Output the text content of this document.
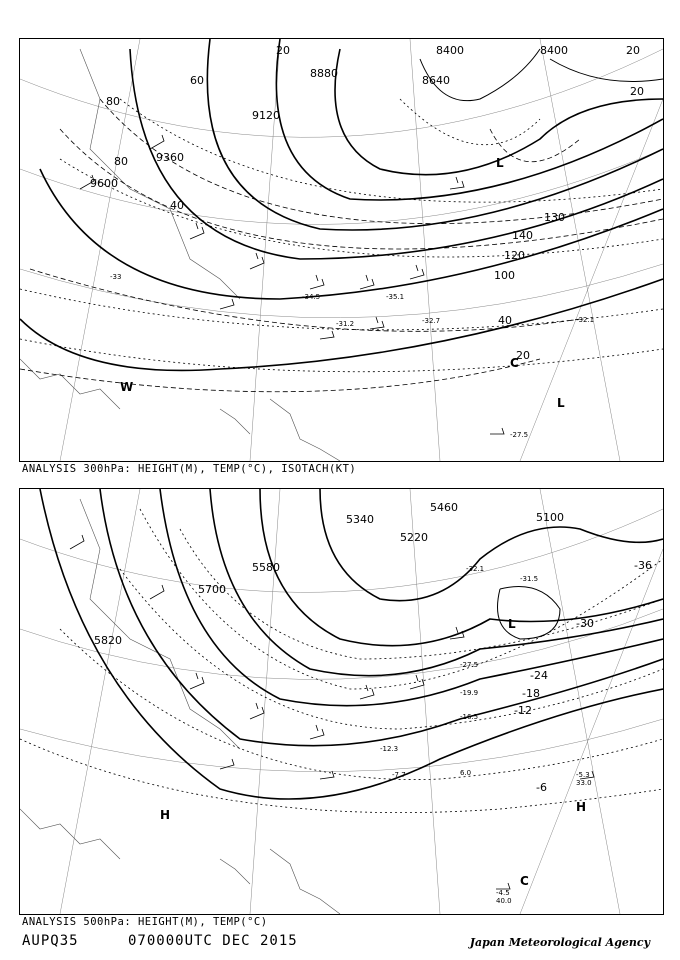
8400	8400
8880
8640
9120
9360
9600
20	20
20
40
60
80
80
100
120
140
130
40
20
-27.5
-32.1
-32.7
-35.1
-31.2
-34.5
-33
L
L
C
W
ANALYSIS 300hPa: HEIGHT(M), TEMP(°C), ISOTACH(KT)
5100
5220
5340
5460
5580
5700
5820
-36
-30
-24
-18
-12
-6
-32.1
-31.5
-27.5
-19.9
-16.5
-12.3
-7.7	-5.3
-4.5
40.0
33.0
6.0
L
H
H
C
ANALYSIS 500hPa: HEIGHT(M), TEMP(°C)
AUPQ35	070000UTC DEC 2015	Japan Meteorological Agency
